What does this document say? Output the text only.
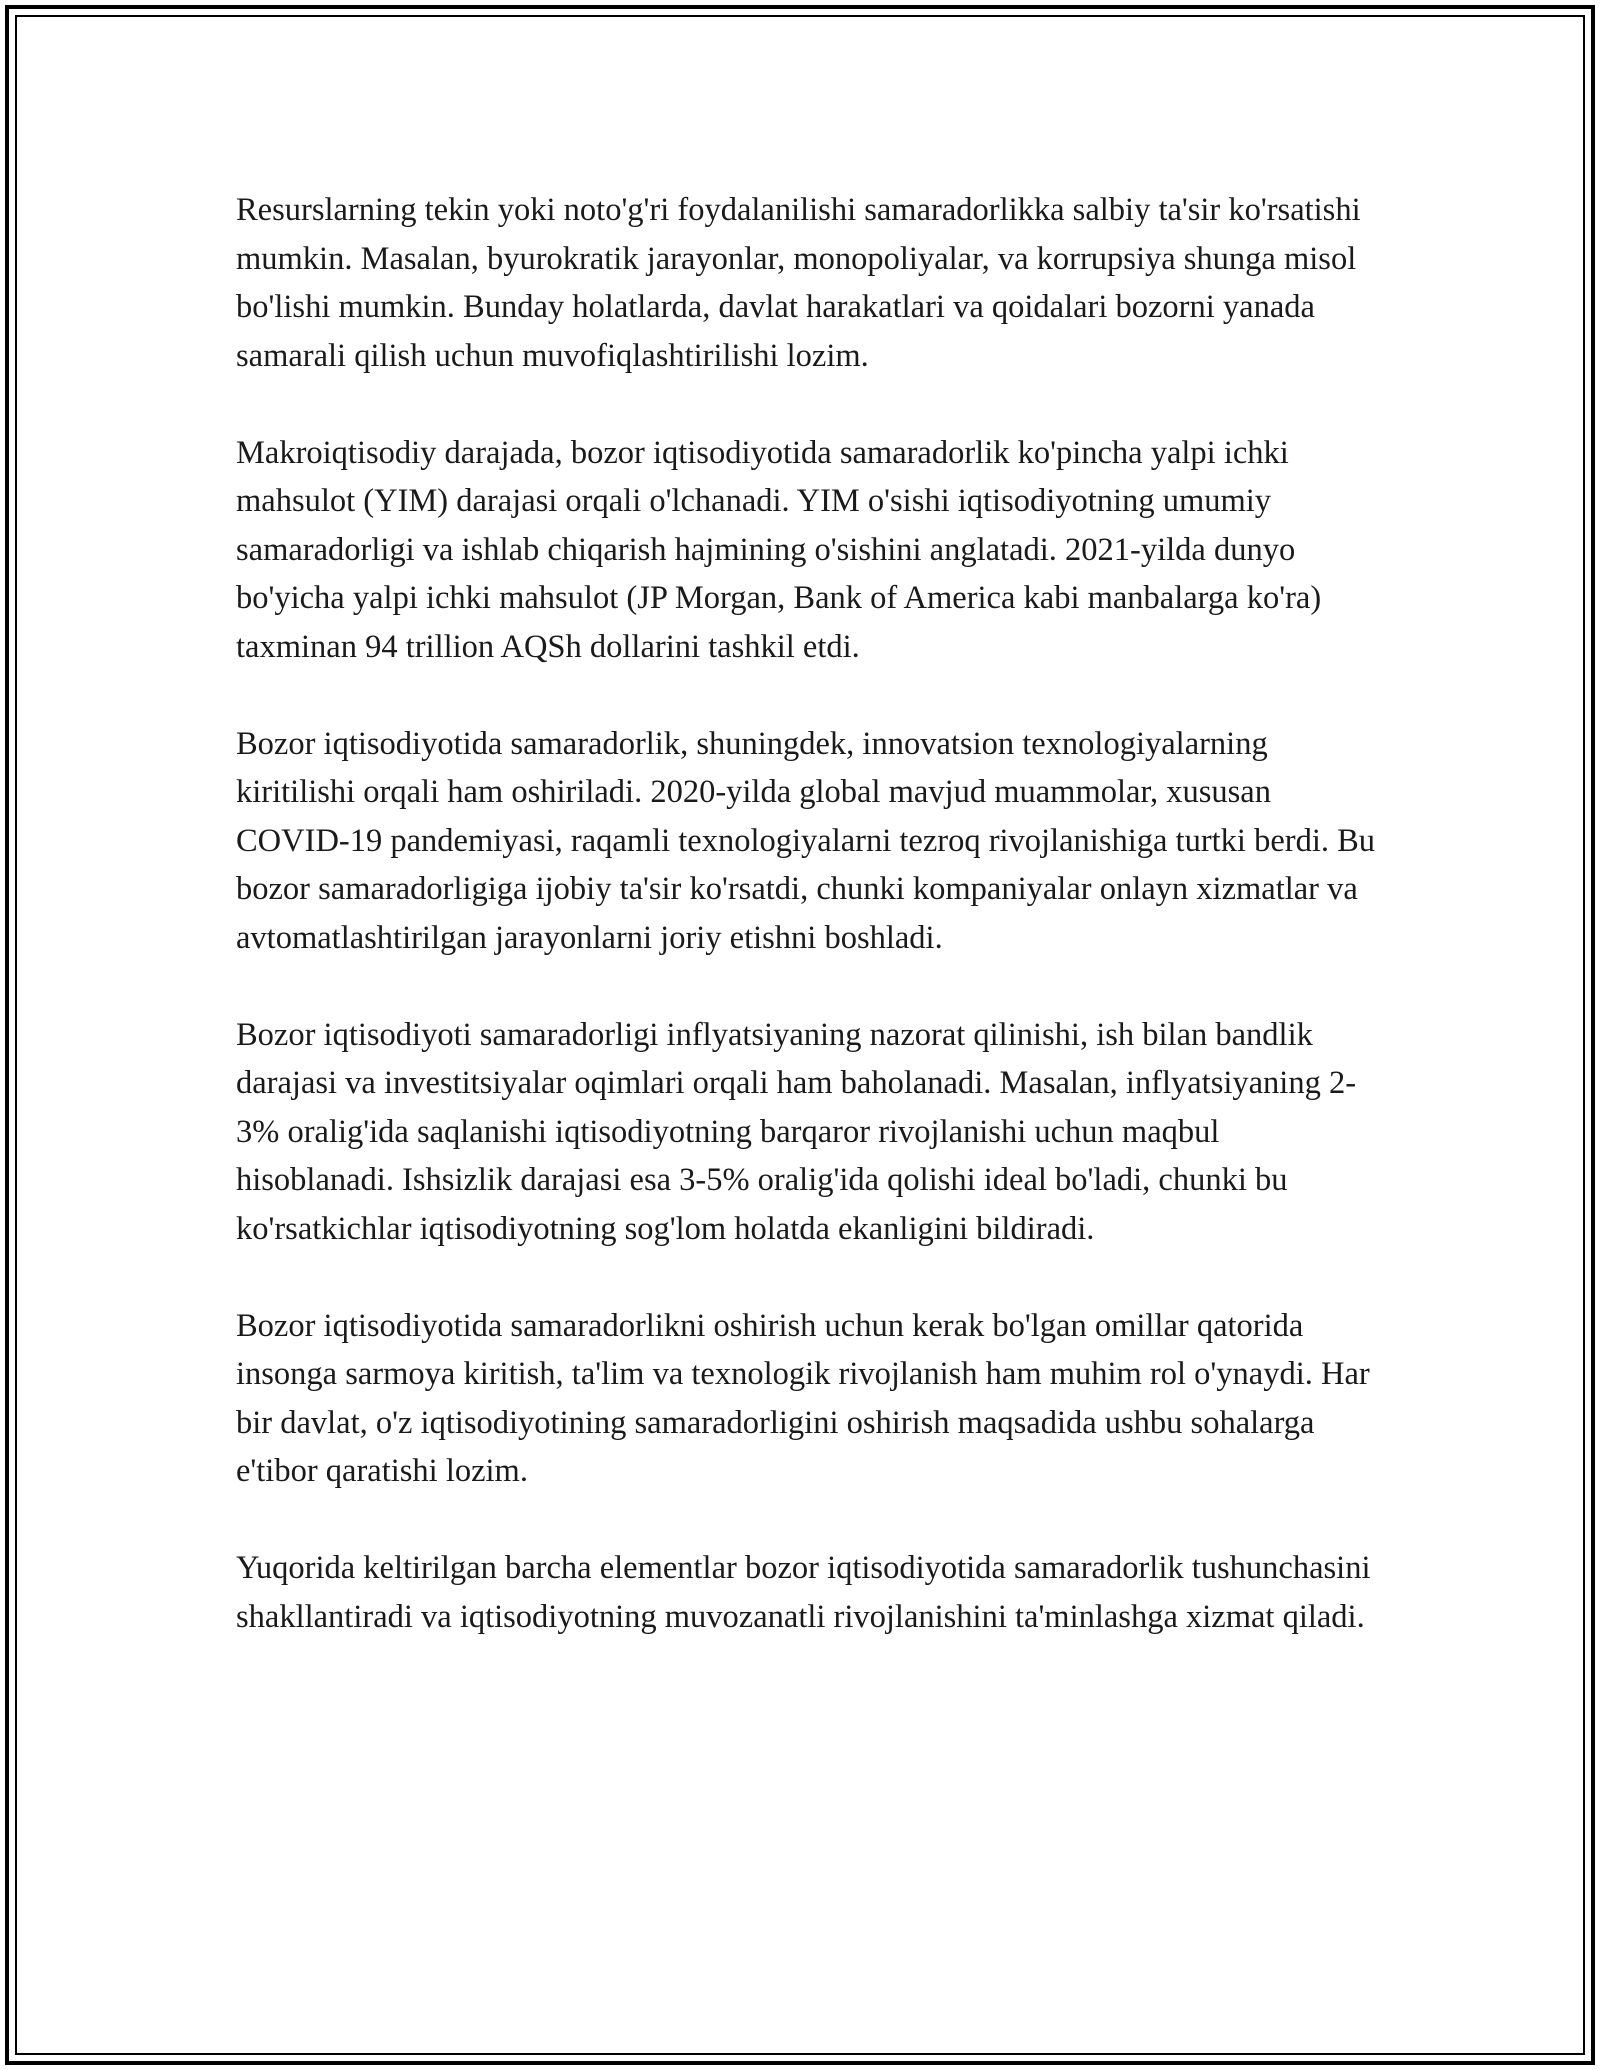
Resurslarning tekin yoki noto'g'ri foydalanilishi samaradorlikka salbiy ta'sir ko'rsatishi mumkin. Masalan, byurokratik jarayonlar, monopoliyalar, va korrupsiya shunga misol bo'lishi mumkin. Bunday holatlarda, davlat harakatlari va qoidalari bozorni yanada samarali qilish uchun muvofiqlashtirilishi lozim.

Makroiqtisodiy darajada, bozor iqtisodiyotida samaradorlik ko'pincha yalpi ichki mahsulot (YIM) darajasi orqali o'lchanadi. YIM o'sishi iqtisodiyotning umumiy samaradorligi va ishlab chiqarish hajmining o'sishini anglatadi. 2021-yilda dunyo bo'yicha yalpi ichki mahsulot (JP Morgan, Bank of America kabi manbalarga ko'ra) taxminan 94 trillion AQSh dollarini tashkil etdi.

Bozor iqtisodiyotida samaradorlik, shuningdek, innovatsion texnologiyalarning kiritilishi orqali ham oshiriladi. 2020-yilda global mavjud muammolar, xususan COVID-19 pandemiyasi, raqamli texnologiyalarni tezroq rivojlanishiga turtki berdi. Bu bozor samaradorligiga ijobiy ta'sir ko'rsatdi, chunki kompaniyalar onlayn xizmatlar va avtomatlashtirilgan jarayonlarni joriy etishni boshladi.

Bozor iqtisodiyoti samaradorligi inflyatsiyaning nazorat qilinishi, ish bilan bandlik darajasi va investitsiyalar oqimlari orqali ham baholanadi. Masalan, inflyatsiyaning 2-3% oralig'ida saqlanishi iqtisodiyotning barqaror rivojlanishi uchun maqbul hisoblanadi. Ishsizlik darajasi esa 3-5% oralig'ida qolishi ideal bo'ladi, chunki bu ko'rsatkichlar iqtisodiyotning sog'lom holatda ekanligini bildiradi.

Bozor iqtisodiyotida samaradorlikni oshirish uchun kerak bo'lgan omillar qatorida insonga sarmoya kiritish, ta'lim va texnologik rivojlanish ham muhim rol o'ynaydi. Har bir davlat, o'z iqtisodiyotining samaradorligini oshirish maqsadida ushbu sohalarga e'tibor qaratishi lozim.

Yuqorida keltirilgan barcha elementlar bozor iqtisodiyotida samaradorlik tushunchasini shakllantiradi va iqtisodiyotning muvozanatli rivojlanishini ta'minlashga xizmat qiladi.
